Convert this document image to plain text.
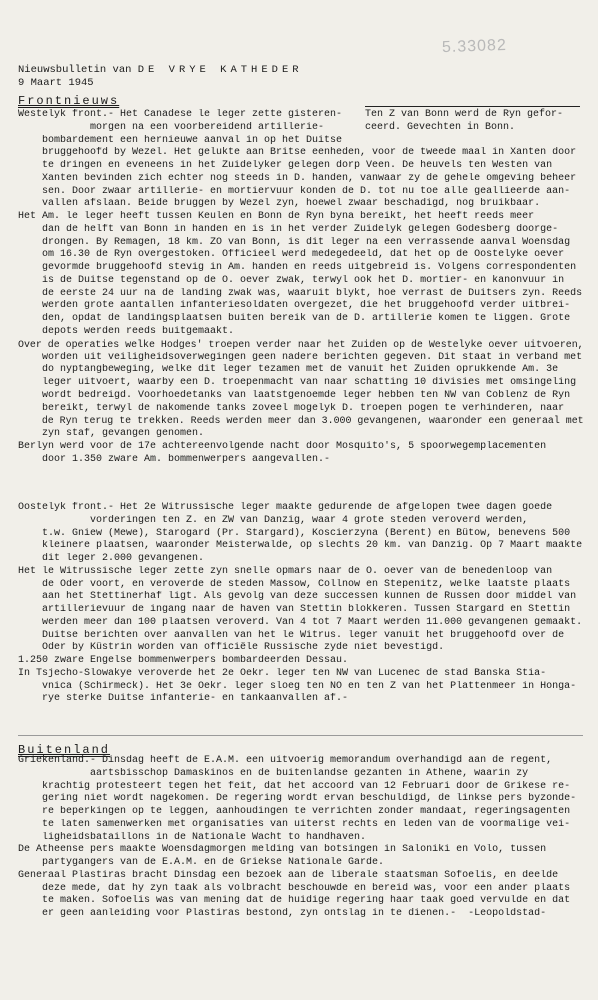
5.33082
Nieuwsbulletin van DE VRYE KATHEDER
9 Maart 1945
Frontnieuws
Ten Z van Bonn werd de Ryn gefor-
ceerd. Gevechten in Bonn.
Westelyk front.- Het Canadese le leger zette gisteren-
morgen na een voorbereidend artillerie-
bombardement een hernieuwe aanval in op het Duitse
bruggehoofd by Wezel. Het gelukte aan Britse eenheden, voor de tweede maal in Xanten door
te dringen en eveneens in het Zuidelyker gelegen dorp Veen. De heuvels ten Westen van
Xanten bevinden zich echter nog steeds in D. handen, vanwaar zy de gehele omgeving beheer
sen. Door zwaar artillerie- en mortiervuur konden de D. tot nu toe alle geallieerde aan-
vallen afslaan. Beide bruggen by Wezel zyn, hoewel zwaar beschadigd, nog bruikbaar.
Het Am. le leger heeft tussen Keulen en Bonn de Ryn byna bereikt, het heeft reeds meer
dan de helft van Bonn in handen en is in het verder Zuidelyk gelegen Godesberg doorge-
drongen. By Remagen, 18 km. ZO van Bonn, is dit leger na een verrassende aanval Woensdag
om 16.30 de Ryn overgestoken. Officieel werd medegedeeld, dat het op de Oostelyke oever
gevormde bruggehoofd stevig in Am. handen en reeds uitgebreid is. Volgens correspondenten
is de Duitse tegenstand op de O. oever zwak, terwyl ook het D. mortier- en kanonvuur in
de eerste 24 uur na de landing zwak was, waaruit blykt, hoe verrast de Duitsers zyn. Reeds
werden grote aantallen infanteriesoldaten overgezet, die het bruggehoofd verder uitbrei-
den, opdat de landingsplaatsen buiten bereik van de D. artillerie komen te liggen. Grote
depots werden reeds buitgemaakt.
Over de operaties welke Hodges' troepen verder naar het Zuiden op de Westelyke oever uitvoeren,
worden uit veiligheidsoverwegingen geen nadere berichten gegeven. Dit staat in verband met
do nyptangbeweging, welke dit leger tezamen met de vanuit het Zuiden oprukkende Am. 3e
leger uitvoert, waarby een D. troepenmacht van naar schatting 10 divisies met omsingeling
wordt bedreigd. Voorhoedetanks van laatstgenoemde leger hebben ten NW van Coblenz de Ryn
bereikt, terwyl de nakomende tanks zoveel mogelyk D. troepen pogen te verhinderen, naar
de Ryn terug te trekken. Reeds werden meer dan 3.000 gevangenen, waaronder een generaal met
zyn staf, gevangen genomen.
Berlyn werd voor de 17e achtereenvolgende nacht door Mosquito's, 5 spoorwegemplacementen
door 1.350 zware Am. bommenwerpers aangevallen.-
Oostelyk front.- Het 2e Witrussische leger maakte gedurende de afgelopen twee dagen goede
vorderingen ten Z. en ZW van Danzig, waar 4 grote steden veroverd werden,
t.w. Gniew (Mewe), Starogard (Pr. Stargard), Koscierzyna (Berent) en Bütow, benevens 500
kleinere plaatsen, waaronder Meisterwalde, op slechts 20 km. van Danzig. Op 7 Maart maakte
dit leger 2.000 gevangenen.
Het le Witrussische leger zette zyn snelle opmars naar de O. oever van de benedenloop van
de Oder voort, en veroverde de steden Massow, Collnow en Stepenitz, welke laatste plaats
aan het Stettinerhaf ligt. Als gevolg van deze successen kunnen de Russen door middel van
artillerievuur de ingang naar de haven van Stettin blokkeren. Tussen Stargard en Stettin
werden meer dan 100 plaatsen veroverd. Van 4 tot 7 Maart werden 11.000 gevangenen gemaakt.
Duitse berichten over aanvallen van het le Witrus. leger vanuit het bruggehoofd over de
Oder by Küstrin worden van officiële Russische zyde niet bevestigd.
1.250 zware Engelse bommenwerpers bombardeerden Dessau.
In Tsjecho-Slowakye veroverde het 2e Oekr. leger ten NW van Lucenec de stad Banska Stia-
vnica (Schirmeck). Het 3e Oekr. leger sloeg ten NO en ten Z van het Plattenmeer in Honga-
rye sterke Duitse infanterie- en tankaanvallen af.-
Buitenland
Griekenland.- Dinsdag heeft de E.A.M. een uitvoerig memorandum overhandigd aan de regent,
aartsbisschop Damaskinos en de buitenlandse gezanten in Athene, waarin zy
krachtig protesteert tegen het feit, dat het accoord van 12 Februari door de Grikese re-
gering niet wordt nagekomen. De regering wordt ervan beschuldigd, de linkse pers byzonde-
re beperkingen op te leggen, aanhoudingen te verrichten zonder mandaat, regeringsagenten
te laten samenwerken met organisaties van uiterst rechts en leden van de voormalige vei-
ligheidsbataillons in de Nationale Wacht to handhaven.
De Atheense pers maakte Woensdagmorgen melding van botsingen in Saloniki en Volo, tussen
partygangers van de E.A.M. en de Griekse Nationale Garde.
Generaal Plastiras bracht Dinsdag een bezoek aan de liberale staatsman Sofoelis, en deelde
deze mede, dat hy zyn taak als volbracht beschouwde en bereid was, voor een ander plaats
te maken. Sofoelis was van mening dat de huidige regering haar taak goed vervulde en dat
er geen aanleiding voor Plastiras bestond, zyn ontslag in te dienen.-  -Leopoldstad-
